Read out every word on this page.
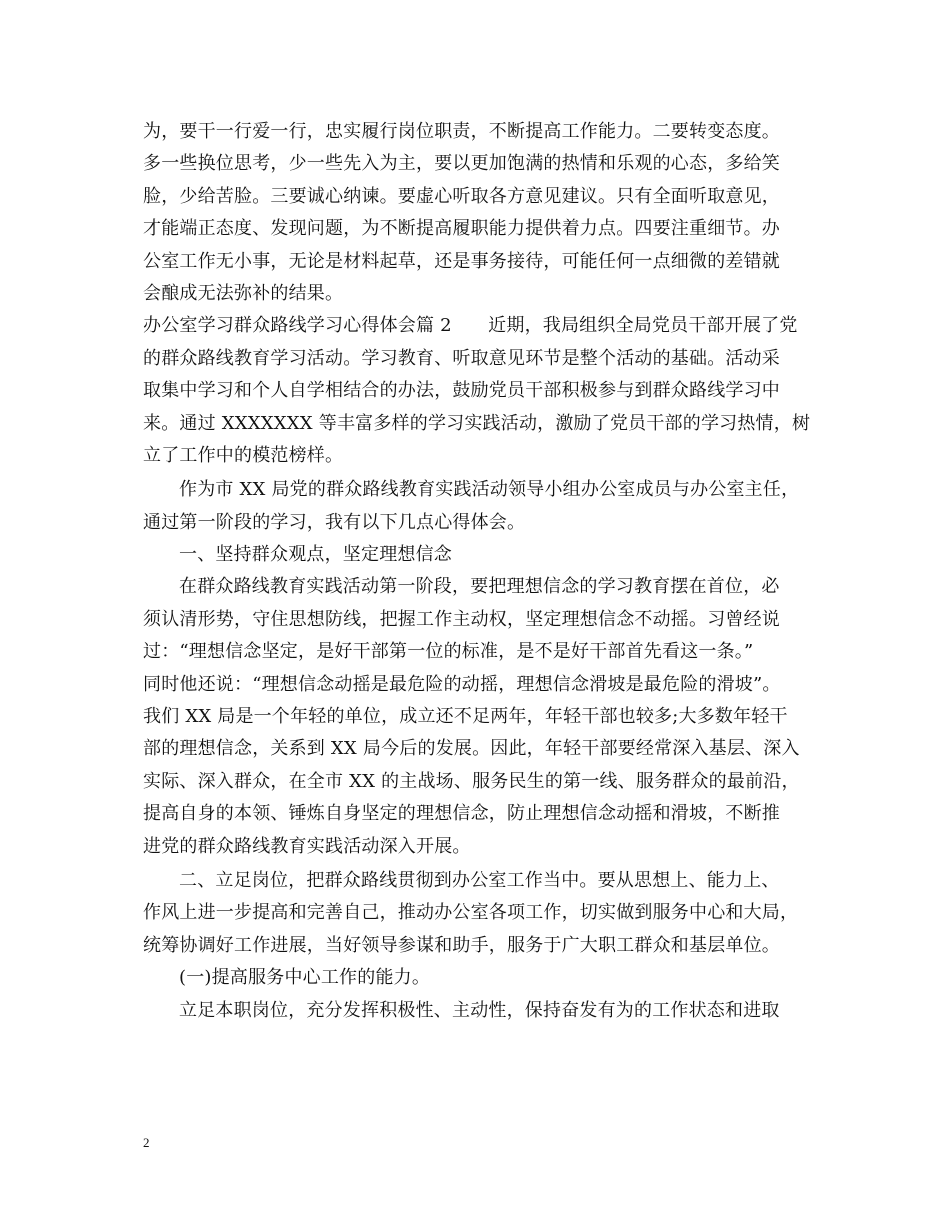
为，要干一行爱一行，忠实履行岗位职责，不断提高工作能力。二要转变态度。
多一些换位思考，少一些先入为主，要以更加饱满的热情和乐观的心态，多给笑
脸，少给苦脸。三要诚心纳谏。要虚心听取各方意见建议。只有全面听取意见，
才能端正态度、发现问题，为不断提高履职能力提供着力点。四要注重细节。办
公室工作无小事，无论是材料起草，还是事务接待，可能任何一点细微的差错就
会酿成无法弥补的结果。
办公室学习群众路线学习心得体会篇 2　　近期，我局组织全局党员干部开展了党
的群众路线教育学习活动。学习教育、听取意见环节是整个活动的基础。活动采
取集中学习和个人自学相结合的办法，鼓励党员干部积极参与到群众路线学习中
来。通过 XXXXXXX 等丰富多样的学习实践活动，激励了党员干部的学习热情，树
立了工作中的模范榜样。
作为市 XX 局党的群众路线教育实践活动领导小组办公室成员与办公室主任，
通过第一阶段的学习，我有以下几点心得体会。
一、坚持群众观点，坚定理想信念
在群众路线教育实践活动第一阶段，要把理想信念的学习教育摆在首位，必
须认清形势，守住思想防线，把握工作主动权，坚定理想信念不动摇。习曾经说
过：“理想信念坚定，是好干部第一位的标准，是不是好干部首先看这一条。”
同时他还说：“理想信念动摇是最危险的动摇，理想信念滑坡是最危险的滑坡”。
我们 XX 局是一个年轻的单位，成立还不足两年，年轻干部也较多;大多数年轻干
部的理想信念，关系到 XX 局今后的发展。因此，年轻干部要经常深入基层、深入
实际、深入群众，在全市 XX 的主战场、服务民生的第一线、服务群众的最前沿，
提高自身的本领、锤炼自身坚定的理想信念，防止理想信念动摇和滑坡，不断推
进党的群众路线教育实践活动深入开展。
二、立足岗位，把群众路线贯彻到办公室工作当中。要从思想上、能力上、
作风上进一步提高和完善自己，推动办公室各项工作，切实做到服务中心和大局，
统筹协调好工作进展，当好领导参谋和助手，服务于广大职工群众和基层单位。
(一)提高服务中心工作的能力。
立足本职岗位，充分发挥积极性、主动性，保持奋发有为的工作状态和进取
2
